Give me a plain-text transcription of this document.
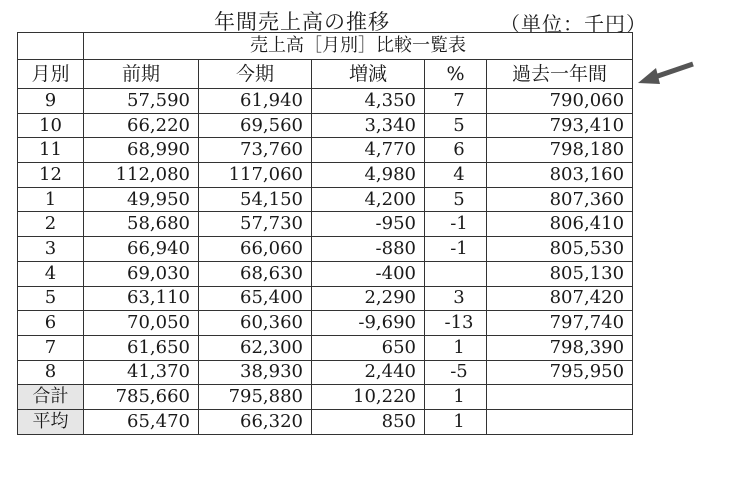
年間売上高の推移	（単位：千円）
	売上高［月別］比較一覧表				
月別	前期	今期	増減	%	過去一年間
9	57,590	61,940	4,350	7	790,060
10	66,220	69,560	3,340	5	793,410
11	68,990	73,760	4,770	6	798,180
12	112,080	117,060	4,980	4	803,160
1	49,950	54,150	4,200	5	807,360
2	58,680	57,730	-950	-1	806,410
3	66,940	66,060	-880	-1	805,530
4	69,030	68,630	-400		805,130
5	63,110	65,400	2,290	3	807,420
6	70,050	60,360	-9,690	-13	797,740
7	61,650	62,300	650	1	798,390
8	41,370	38,930	2,440	-5	795,950
合計	785,660	795,880	10,220	1	
平均	65,470	66,320	850	1	
